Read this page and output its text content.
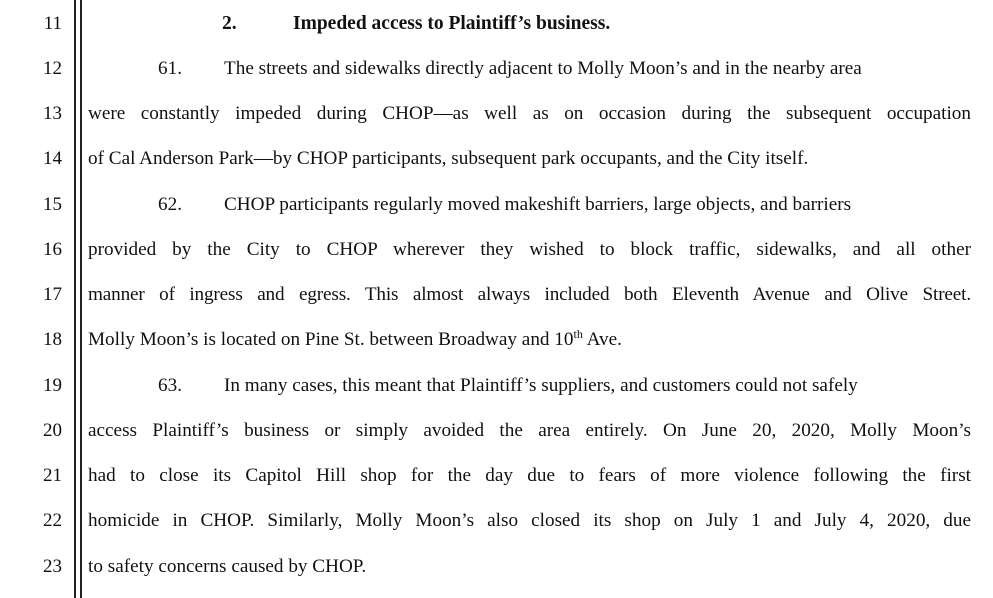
11
12
13
14
15
16
17
18
19
20
21
22
23
2.	Impeded access to Plaintiff’s business.
61. The streets and sidewalks directly adjacent to Molly Moon’s and in the nearby area
were constantly impeded during CHOP—as well as on occasion during the subsequent occupation
of Cal Anderson Park—by CHOP participants, subsequent park occupants, and the City itself.
62. CHOP participants regularly moved makeshift barriers, large objects, and barriers
provided by the City to CHOP wherever they wished to block traffic, sidewalks, and all other
manner of ingress and egress. This almost always included both Eleventh Avenue and Olive Street.
Molly Moon’s is located on Pine St. between Broadway and 10th Ave.
63. In many cases, this meant that Plaintiff’s suppliers, and customers could not safely
access Plaintiff’s business or simply avoided the area entirely. On June 20, 2020, Molly Moon’s
had to close its Capitol Hill shop for the day due to fears of more violence following the first
homicide in CHOP. Similarly, Molly Moon’s also closed its shop on July 1 and July 4, 2020, due
to safety concerns caused by CHOP.
